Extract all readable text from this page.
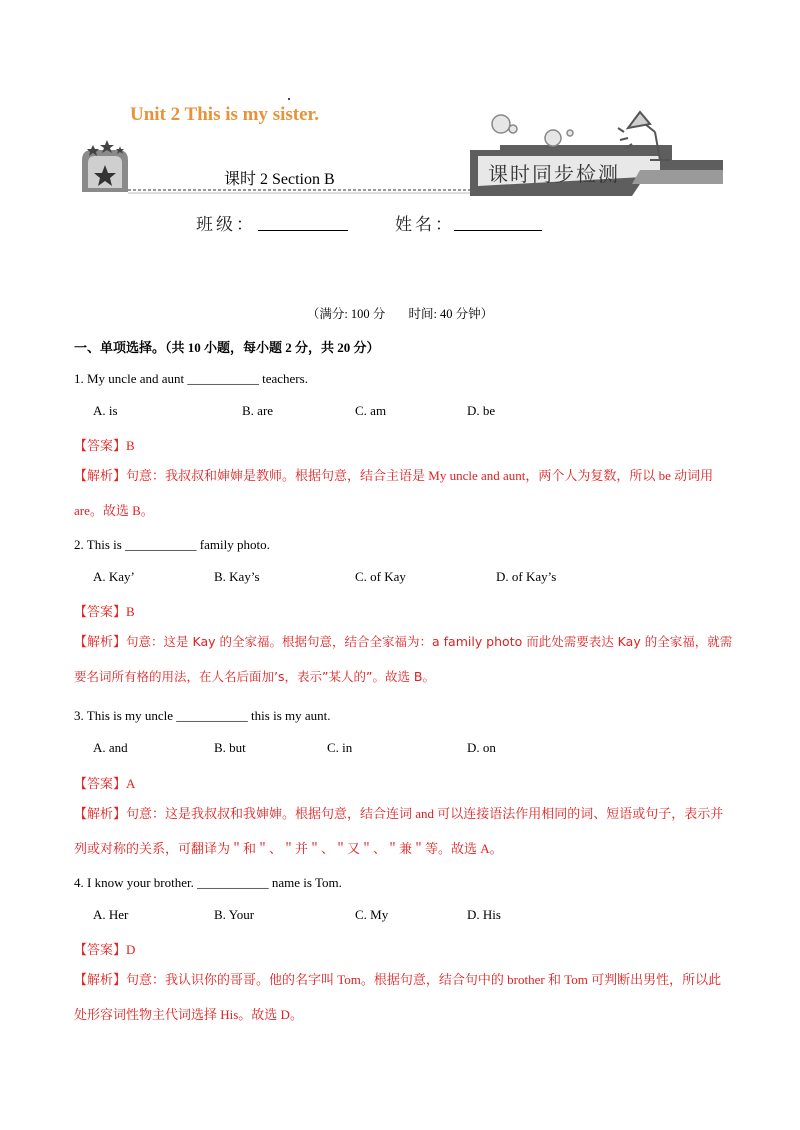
Unit 2 This is my sister.
课时 2 Section B	课时同步检测
班级：	姓名：
（满分: 100 分 时间: 40 分钟）
一、单项选择。（共 10 小题，每小题 2 分，共 20 分）
1. My uncle and aunt ___________ teachers.
A. is	B. are	C. am	D. be
【答案】B
【解析】句意：我叔叔和婶婶是教师。根据句意，结合主语是 My uncle and aunt，两个人为复数，所以 be 动词用 are。故选 B。
2. This is ___________ family photo.
A. Kay’	B. Kay’s	C. of Kay	D. of Kay’s
【答案】B
【解析】句意：这是 Kay 的全家福。根据句意，结合全家福为：a family photo 而此处需要表达 Kay 的全家福，就需要名词所有格的用法，在人名后面加’s，表示”某人的”。故选 B。
3. This is my uncle ___________ this is my aunt.
A. and	B. but	C. in	D. on
【答案】A
【解析】句意：这是我叔叔和我婶婶。根据句意，结合连词 and 可以连接语法作用相同的词、短语或句子，表示并列或对称的关系，可翻译为＂和＂、＂并＂、＂又＂、＂兼＂等。故选 A。
4. I know your brother. ___________ name is Tom.
A. Her	B. Your	C. My	D. His
【答案】D
【解析】句意：我认识你的哥哥。他的名字叫 Tom。根据句意，结合句中的 brother 和 Tom 可判断出男性，所以此处形容词性物主代词选择 His。故选 D。
